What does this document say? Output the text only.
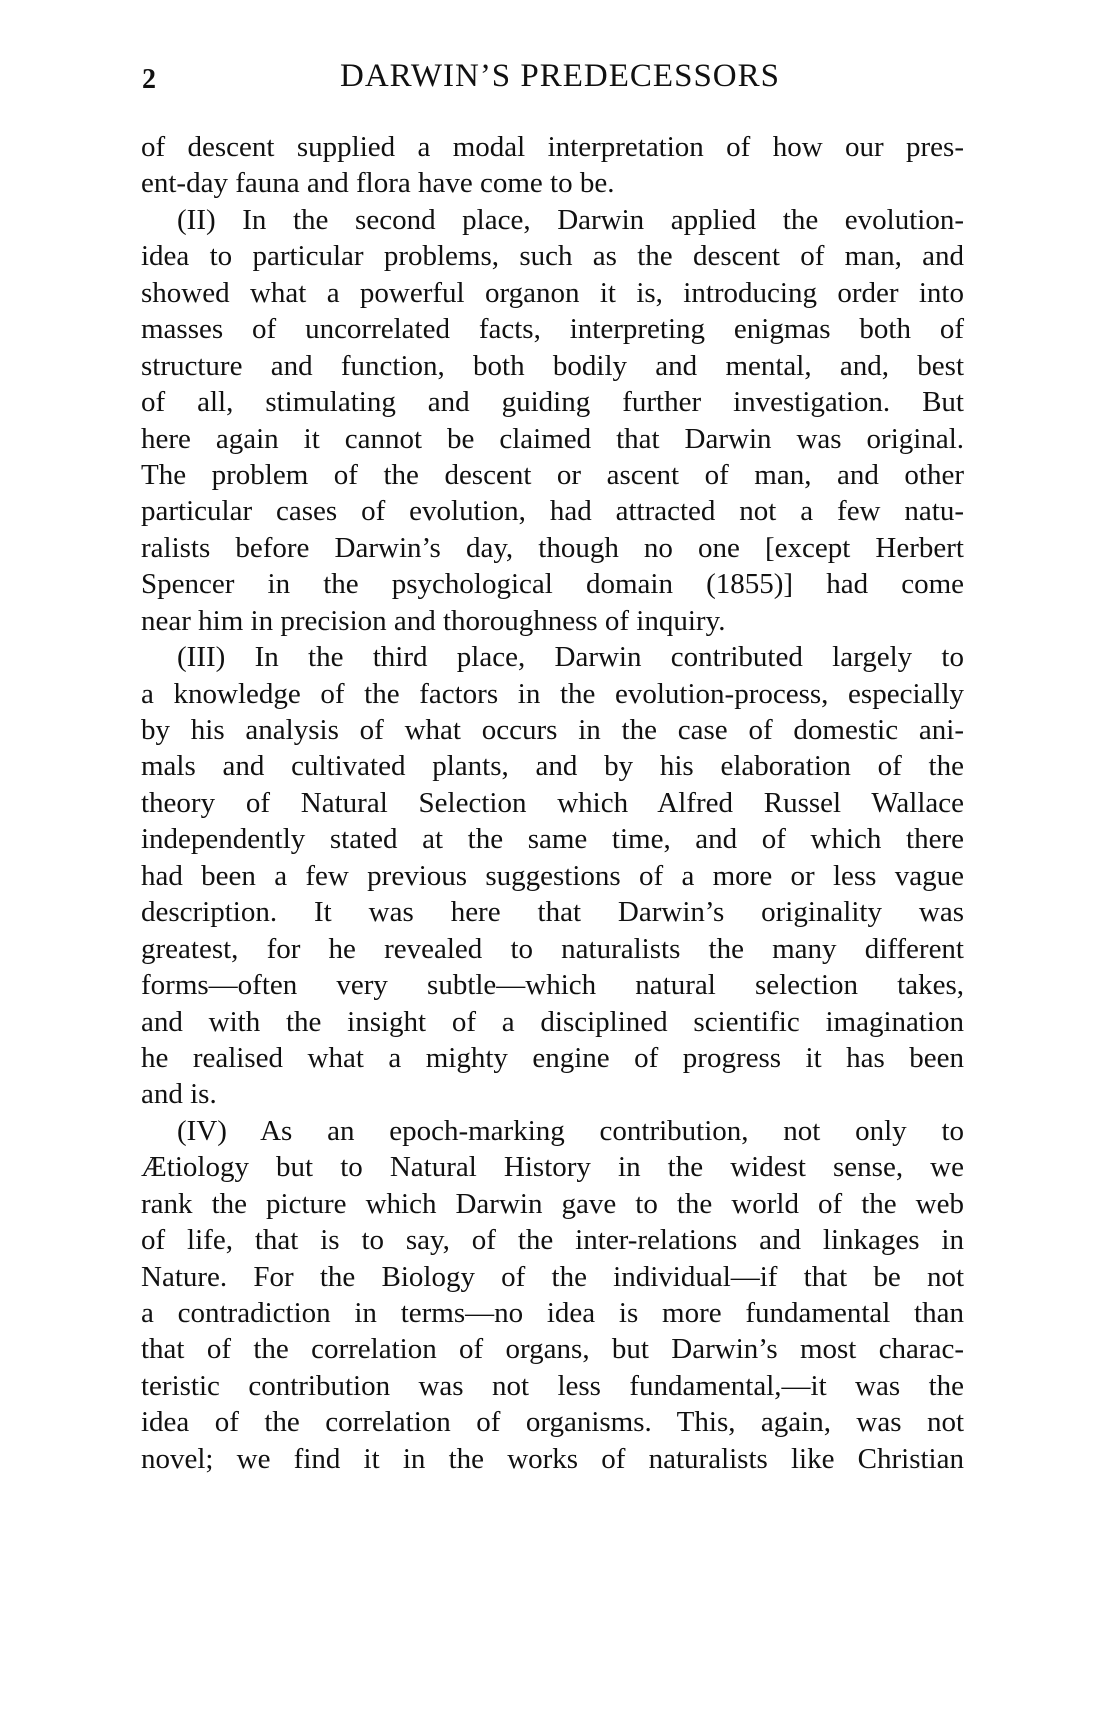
2	DARWIN’S PREDECESSORS
of descent supplied a modal interpretation of how our pres-
ent-day fauna and flora have come to be.
(II) In the second place, Darwin applied the evolution-
idea to particular problems, such as the descent of man, and
showed what a powerful organon it is, introducing order into
masses of uncorrelated facts, interpreting enigmas both of
structure and function, both bodily and mental, and, best
of all, stimulating and guiding further investigation. But
here again it cannot be claimed that Darwin was original.
The problem of the descent or ascent of man, and other
particular cases of evolution, had attracted not a few natu-
ralists before Darwin’s day, though no one [except Herbert
Spencer in the psychological domain (1855)] had come
near him in precision and thoroughness of inquiry.
(III) In the third place, Darwin contributed largely to
a knowledge of the factors in the evolution-process, especially
by his analysis of what occurs in the case of domestic ani-
mals and cultivated plants, and by his elaboration of the
theory of Natural Selection which Alfred Russel Wallace
independently stated at the same time, and of which there
had been a few previous suggestions of a more or less vague
description. It was here that Darwin’s originality was
greatest, for he revealed to naturalists the many different
forms—often very subtle—which natural selection takes,
and with the insight of a disciplined scientific imagination
he realised what a mighty engine of progress it has been
and is.
(IV) As an epoch-marking contribution, not only to
Ætiology but to Natural History in the widest sense, we
rank the picture which Darwin gave to the world of the web
of life, that is to say, of the inter-relations and linkages in
Nature. For the Biology of the individual—if that be not
a contradiction in terms—no idea is more fundamental than
that of the correlation of organs, but Darwin’s most charac-
teristic contribution was not less fundamental,—it was the
idea of the correlation of organisms. This, again, was not
novel; we find it in the works of naturalists like Christian
